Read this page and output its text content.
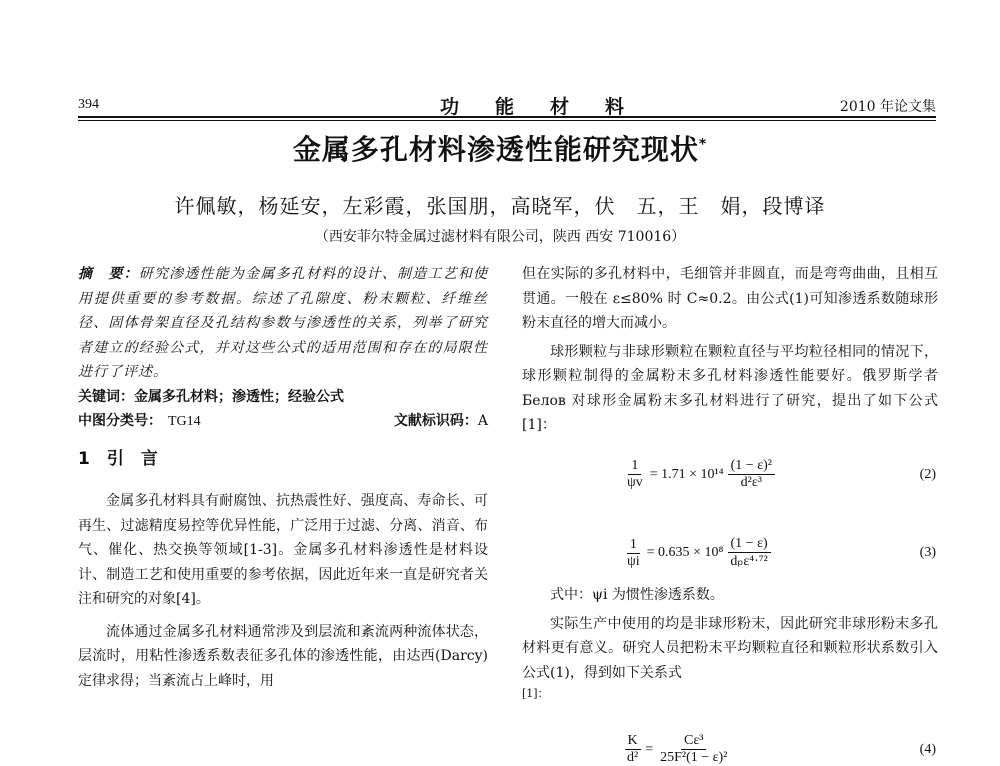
394	功能材料	2010 年论文集
金属多孔材料渗透性能研究现状*
许佩敏，杨延安，左彩霞，张国朋，高晓军，伏　五，王　娟，段博译
（西安菲尔特金属过滤材料有限公司，陕西 西安 710016）
摘　要：研究渗透性能为金属多孔材料的设计、制造工艺和使用提供重要的参考数据。综述了孔隙度、粉末颗粒、纤维丝径、固体骨架直径及孔结构参数与渗透性的关系，列举了研究者建立的经验公式，并对这些公式的适用范围和存在的局限性进行了评述。
关键词：金属多孔材料；渗透性；经验公式
中图分类号： TG14	文献标识码：A
1　引　言

金属多孔材料具有耐腐蚀、抗热震性好、强度高、寿命长、可再生、过滤精度易控等优异性能，广泛用于过滤、分离、消音、布气、催化、热交换等领域[1-3]。金属多孔材料渗透性是材料设计、制造工艺和使用重要的参考依据，因此近年来一直是研究者关注和研究的对象[4]。

流体通过金属多孔材料通常涉及到层流和紊流两种流体状态，层流时，用粘性渗透系数表征多孔体的渗透性能，由达西(Darcy)定律求得；当紊流占上峰时，用

但在实际的多孔材料中，毛细管并非圆直，而是弯弯曲曲，且相互贯通。一般在 ε≤80% 时 C≈0.2。由公式(1)可知渗透系数随球形粉末直径的增大而减小。

球形颗粒与非球形颗粒在颗粒直径与平均粒径相同的情况下，球形颗粒制得的金属粉末多孔材料渗透性能要好。俄罗斯学者 Белов 对球形金属粉末多孔材料进行了研究，提出了如下公式 [1]：

$\frac{1}{\psi v} = 1.71 \times 10^{14} \frac{\text{(1 − ε)²}}{\text{d²ε³}}$	(2)
$\frac{1}{\psi i} = 0.635 \times 10^8 \frac{(1 - \varepsilon)}{\text{dₚε⁴·⁷²}}$	(3)

式中：ψi 为惯性渗透系数。

实际生产中使用的均是非球形粉末，因此研究非球形粉末多孔材料更有意义。研究人员把粉末平均颗粒直径和颗粒形状系数引入公式(1)，得到如下关系式

[1]：
$\frac{K}{\text{d²}} = \frac{\text{Cε³}}{\text{25F²(1 − ε)²}}$	(4)
